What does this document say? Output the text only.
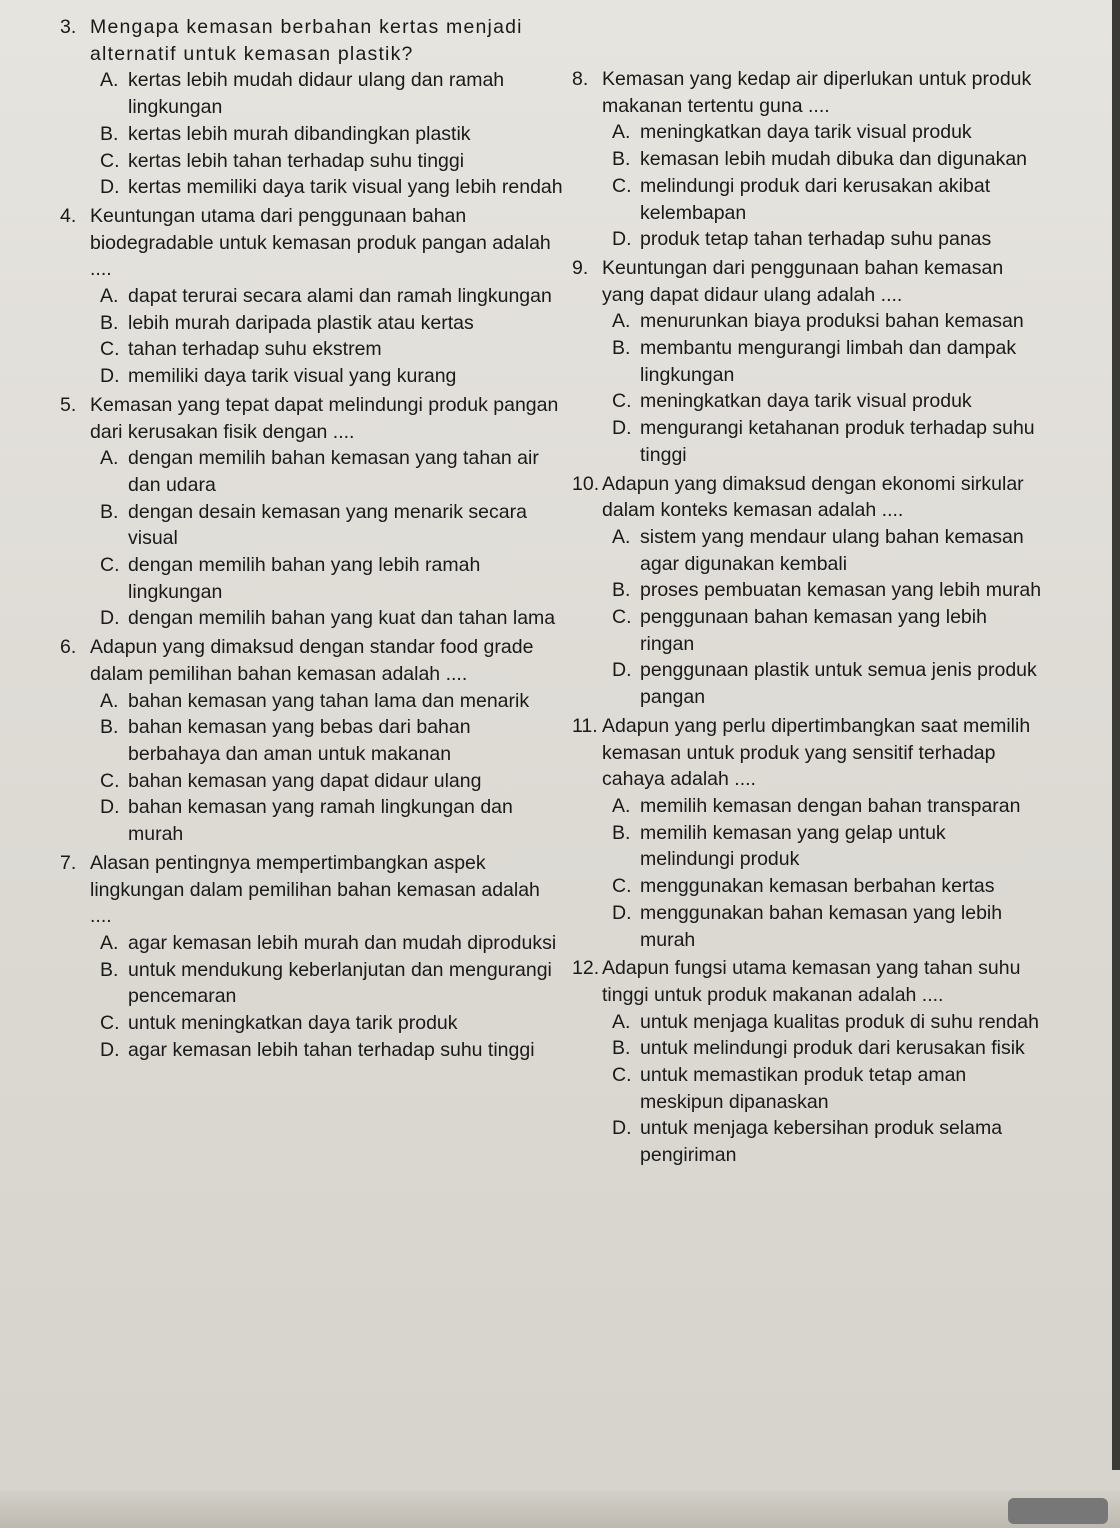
3. Mengapa kemasan berbahan kertas menjadi alternatif untuk kemasan plastik?
A. kertas lebih mudah didaur ulang dan ramah lingkungan
B. kertas lebih murah dibandingkan plastik
C. kertas lebih tahan terhadap suhu tinggi
D. kertas memiliki daya tarik visual yang lebih rendah
4. Keuntungan utama dari penggunaan bahan biodegradable untuk kemasan produk pangan adalah ....
A. dapat terurai secara alami dan ramah lingkungan
B. lebih murah daripada plastik atau kertas
C. tahan terhadap suhu ekstrem
D. memiliki daya tarik visual yang kurang
5. Kemasan yang tepat dapat melindungi produk pangan dari kerusakan fisik dengan ....
A. dengan memilih bahan kemasan yang tahan air dan udara
B. dengan desain kemasan yang menarik secara visual
C. dengan memilih bahan yang lebih ramah lingkungan
D. dengan memilih bahan yang kuat dan tahan lama
6. Adapun yang dimaksud dengan standar food grade dalam pemilihan bahan kemasan adalah ....
A. bahan kemasan yang tahan lama dan menarik
B. bahan kemasan yang bebas dari bahan berbahaya dan aman untuk makanan
C. bahan kemasan yang dapat didaur ulang
D. bahan kemasan yang ramah lingkungan dan murah
7. Alasan pentingnya mempertimbangkan aspek lingkungan dalam pemilihan bahan kemasan adalah ....
A. agar kemasan lebih murah dan mudah diproduksi
B. untuk mendukung keberlanjutan dan mengurangi pencemaran
C. untuk meningkatkan daya tarik produk
D. agar kemasan lebih tahan terhadap suhu tinggi
8. Kemasan yang kedap air diperlukan untuk produk makanan tertentu guna ....
A. meningkatkan daya tarik visual produk
B. kemasan lebih mudah dibuka dan digunakan
C. melindungi produk dari kerusakan akibat kelembapan
D. produk tetap tahan terhadap suhu panas
9. Keuntungan dari penggunaan bahan kemasan yang dapat didaur ulang adalah ....
A. menurunkan biaya produksi bahan kemasan
B. membantu mengurangi limbah dan dampak lingkungan
C. meningkatkan daya tarik visual produk
D. mengurangi ketahanan produk terhadap suhu tinggi
10. Adapun yang dimaksud dengan ekonomi sirkular dalam konteks kemasan adalah ....
A. sistem yang mendaur ulang bahan kemasan agar digunakan kembali
B. proses pembuatan kemasan yang lebih murah
C. penggunaan bahan kemasan yang lebih ringan
D. penggunaan plastik untuk semua jenis produk pangan
11. Adapun yang perlu dipertimbangkan saat memilih kemasan untuk produk yang sensitif terhadap cahaya adalah ....
A. memilih kemasan dengan bahan transparan
B. memilih kemasan yang gelap untuk melindungi produk
C. menggunakan kemasan berbahan kertas
D. menggunakan bahan kemasan yang lebih murah
12. Adapun fungsi utama kemasan yang tahan suhu tinggi untuk produk makanan adalah ....
A. untuk menjaga kualitas produk di suhu rendah
B. untuk melindungi produk dari kerusakan fisik
C. untuk memastikan produk tetap aman meskipun dipanaskan
D. untuk menjaga kebersihan produk selama pengiriman
